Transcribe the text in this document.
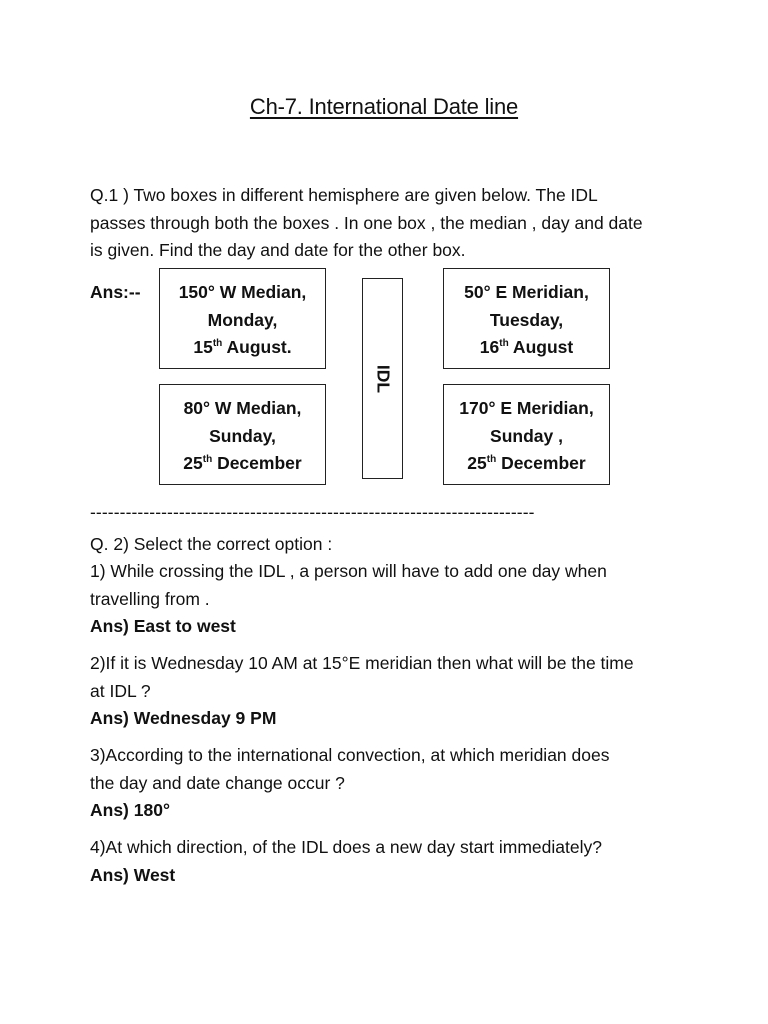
Ch-7. International Date line
Q.1 ) Two boxes in different hemisphere are given below. The IDL
passes through both the boxes . In one box , the median , day and date
is given. Find the day and date for the other box.
Ans:--	150° W Median,
Monday,
15th August.
50° E Meridian,
Tuesday,
16th August
80° W Median,
Sunday,
25th December
170° E Meridian,
Sunday ,
25th December
IDL
---------------------------------------------------------------------------
Q. 2) Select the correct option :
1) While crossing the IDL , a person will have to add one day when
travelling from .
Ans) East to west
2)If it is Wednesday 10 AM at 15°E meridian then what will be the time
at IDL ?
Ans) Wednesday 9 PM
3)According to the international convection, at which meridian does
the day and date change occur ?
Ans) 180°
4)At which direction, of the IDL does a new day start immediately?
Ans) West
